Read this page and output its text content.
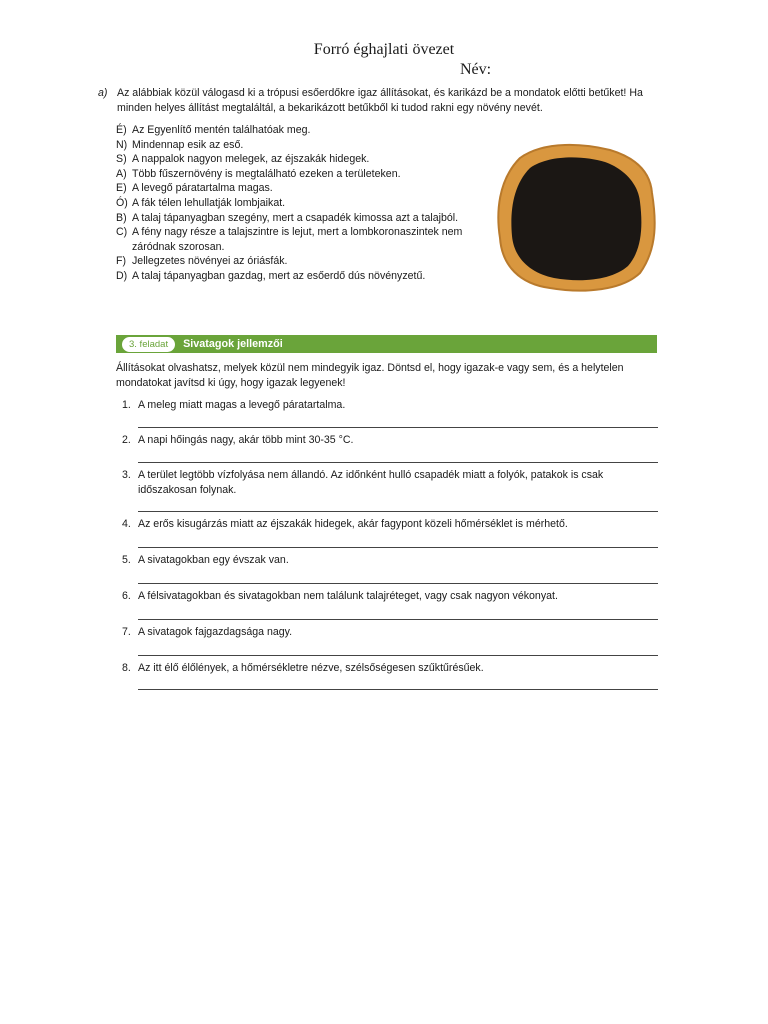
Forró éghajlati övezet
Név:
a) Az alábbiak közül válogasd ki a trópusi esőerdőkre igaz állításokat, és karikázd be a mondatok előtti betűket! Ha minden helyes állítást megtaláltál, a bekarikázott betűkből ki tudod rakni egy növény nevét.
É) Az Egyenlítő mentén találhatóak meg.
N) Mindennap esik az eső.
S) A nappalok nagyon melegek, az éjszakák hidegek.
A) Több fűszernövény is megtalálható ezeken a területeken.
E) A levegő páratartalma magas.
Ó) A fák télen lehullatják lombjaikat.
B) A talaj tápanyagban szegény, mert a csapadék kimossa azt a talajból.
C) A fény nagy része a talajszintre is lejut, mert a lombkoronaszintek nem záródnak szorosan.
F) Jellegzetes növényei az óriásfák.
D) A talaj tápanyagban gazdag, mert az esőerdő dús növényzetű.
3. feladat	Sivatagok jellemzői
Állításokat olvashatsz, melyek közül nem mindegyik igaz. Döntsd el, hogy igazak-e vagy sem, és a helytelen mondatokat javítsd ki úgy, hogy igazak legyenek!
1. A meleg miatt magas a levegő páratartalma.
2. A napi hőingás nagy, akár több mint 30-35 °C.
3. A terület legtöbb vízfolyása nem állandó. Az időnként hulló csapadék miatt a folyók, patakok is csak időszakosan folynak.
4. Az erős kisugárzás miatt az éjszakák hidegek, akár fagypont közeli hőmérséklet is mérhető.
5. A sivatagokban egy évszak van.
6. A félsivatagokban és sivatagokban nem találunk talajréteget, vagy csak nagyon vékonyat.
7. A sivatagok fajgazdagsága nagy.
8. Az itt élő élőlények, a hőmérsékletre nézve, szélsőségesen szűktűrésűek.
